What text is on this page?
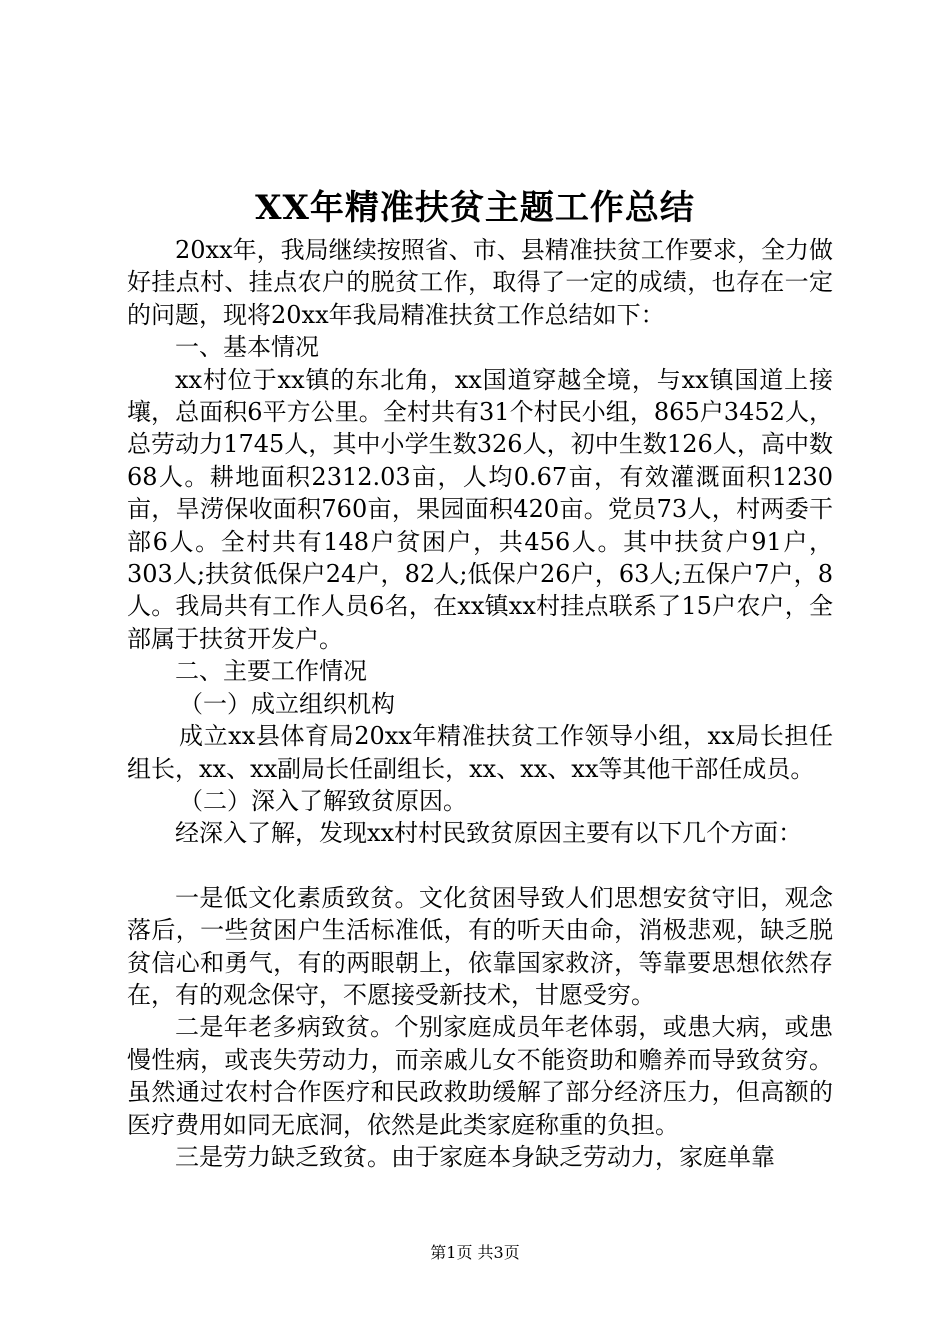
XX年精准扶贫主题工作总结

20xx年，我局继续按照省、市、县精准扶贫工作要求，全力做好挂点村、挂点农户的脱贫工作，取得了一定的成绩，也存在一定的问题，现将20xx年我局精准扶贫工作总结如下：

一、基本情况

xx村位于xx镇的东北角，xx国道穿越全境，与xx镇国道上接壤，总面积6平方公里。全村共有31个村民小组，865户3452人，总劳动力1745人，其中小学生数326人，初中生数126人，高中数68人。耕地面积2312.03亩，人均0.67亩，有效灌溉面积1230亩，旱涝保收面积760亩，果园面积420亩。党员73人，村两委干部6人。全村共有148户贫困户，共456人。其中扶贫户91户，303人;扶贫低保户24户，82人;低保户26户，63人;五保户7户，8人。我局共有工作人员6名，在xx镇xx村挂点联系了15户农户，全部属于扶贫开发户。

二、主要工作情况

（一）成立组织机构

成立xx县体育局20xx年精准扶贫工作领导小组，xx局长担任组长，xx、xx副局长任副组长，xx、xx、xx等其他干部任成员。

（二）深入了解致贫原因。

经深入了解，发现xx村村民致贫原因主要有以下几个方面：

一是低文化素质致贫。文化贫困导致人们思想安贫守旧，观念落后，一些贫困户生活标准低，有的听天由命，消极悲观，缺乏脱贫信心和勇气，有的两眼朝上，依靠国家救济，等靠要思想依然存在，有的观念保守，不愿接受新技术，甘愿受穷。

二是年老多病致贫。个别家庭成员年老体弱，或患大病，或患慢性病，或丧失劳动力，而亲戚儿女不能资助和赡养而导致贫穷。虽然通过农村合作医疗和民政救助缓解了部分经济压力，但高额的医疗费用如同无底洞，依然是此类家庭称重的负担。

三是劳力缺乏致贫。由于家庭本身缺乏劳动力，家庭单靠

第1页 共3页
